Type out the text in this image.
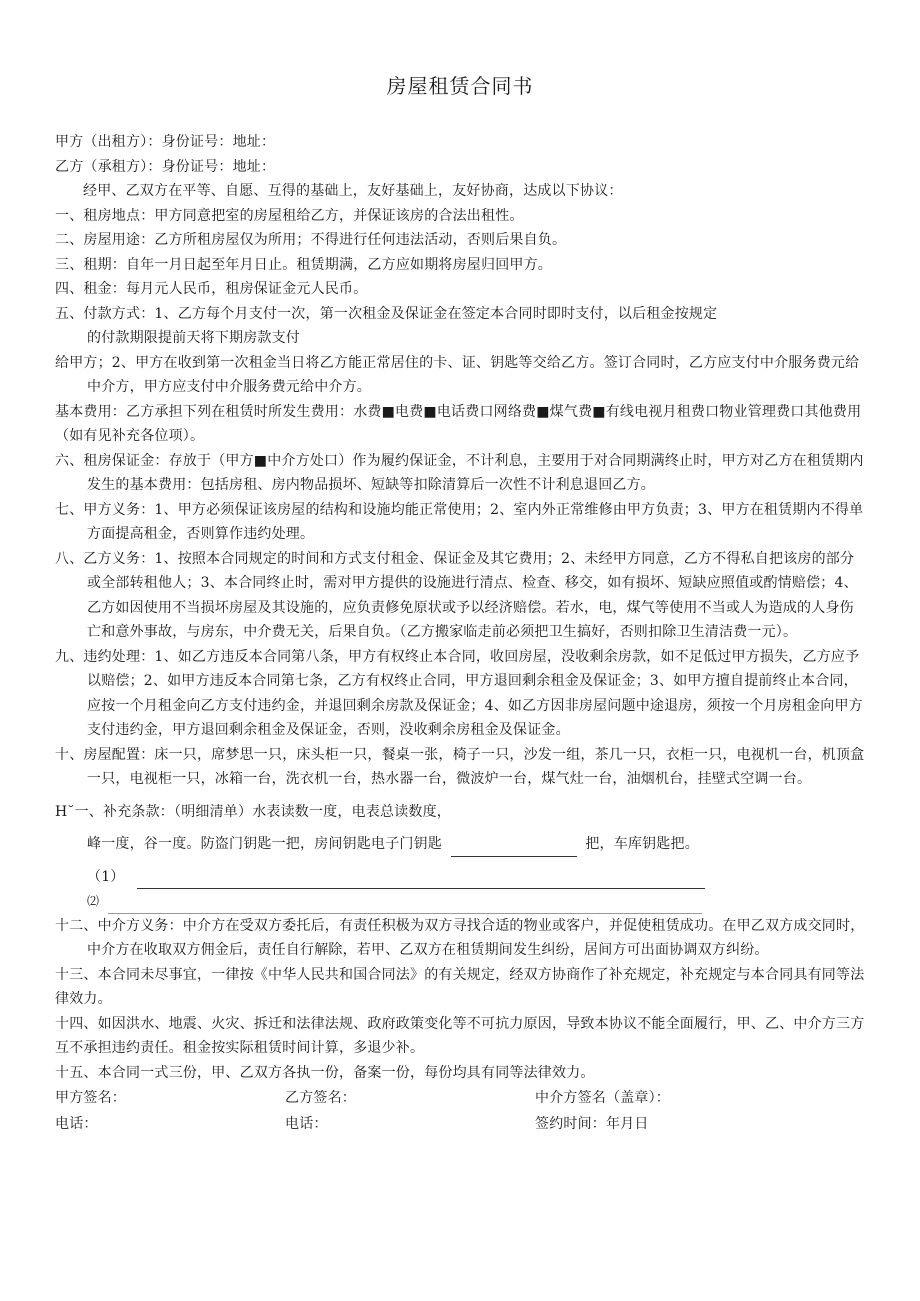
房屋租赁合同书
甲方（出租方）：身份证号：地址：
乙方（承租方）：身份证号：地址：
经甲、乙双方在平等、自愿、互得的基础上，友好基础上，友好协商，达成以下协议：
一、租房地点：甲方同意把室的房屋租给乙方，并保证该房的合法出租性。
二、房屋用途：乙方所租房屋仅为所用；不得进行任何违法活动，否则后果自负。
三、租期：自年一月日起至年月日止。租赁期满，乙方应如期将房屋归回甲方。
四、租金：每月元人民币，租房保证金元人民币。
五、付款方式：1、乙方每个月支付一次，第一次租金及保证金在签定本合同时即时支付，以后租金按规定
的付款期限提前天将下期房款支付

给甲方；2、甲方在收到第一次租金当日将乙方能正常居住的卡、证、钥匙等交给乙方。签订合同时，乙方应支付中介服务费元给中介方，甲方应支付中介服务费元给中介方。

基本费用：乙方承担下列在租赁时所发生费用：水费■电费■电话费口网络费■煤气费■有线电视月租费口物业管理费口其他费用（如有见补充各位项）。

六、租房保证金：存放于（甲方■中介方处口）作为履约保证金，不计利息，主要用于对合同期满终止时，甲方对乙方在租赁期内发生的基本费用：包括房租、房内物品损坏、短缺等扣除清算后一次性不计利息退回乙方。

七、甲方义务：1、甲方必须保证该房屋的结构和设施均能正常使用；2、室内外正常维修由甲方负责；3、甲方在租赁期内不得单方面提高租金，否则算作违约处理。

八、乙方义务：1、按照本合同规定的时间和方式支付租金、保证金及其它费用；2、未经甲方同意，乙方不得私自把该房的部分或全部转租他人；3、本合同终止时，需对甲方提供的设施进行清点、检查、移交，如有损坏、短缺应照值或酌情赔偿；4、乙方如因使用不当损坏房屋及其设施的，应负责修免原状或予以经济赔偿。若水，电，煤气等使用不当或人为造成的人身伤亡和意外事故，与房东，中介费无关，后果自负。（乙方搬家临走前必须把卫生搞好，否则扣除卫生清洁费一元）。

九、违约处理：1、如乙方违反本合同第八条，甲方有权终止本合同，收回房屋，没收剩余房款，如不足低过甲方损失，乙方应予以赔偿；2、如甲方违反本合同第七条，乙方有权终止合同，甲方退回剩余租金及保证金；3、如甲方擅自提前终止本合同，应按一个月租金向乙方支付违约金，并退回剩余房款及保证金；4、如乙方因非房屋问题中途退房，须按一个月房租金向甲方支付违约金，甲方退回剩余租金及保证金，否则，没收剩余房租金及保证金。

十、房屋配置：床一只，席梦思一只，床头柜一只，餐桌一张，椅子一只，沙发一组，茶几一只，衣柜一只，电视机一台，机顶盒一只，电视柜一只，冰箱一台，洗衣机一台，热水器一台，微波炉一台，煤气灶一台，油烟机台，挂壁式空调一台。

H˘一、补充条款：（明细清单）水表读数一度，电表总读数度，
峰一度，谷一度。防盗门钥匙一把，房间钥匙电子门钥匙	把，车库钥匙把。
（1）
⑵

十二、中介方义务：中介方在受双方委托后，有责任积极为双方寻找合适的物业或客户，并促使租赁成功。在甲乙双方成交同时，中介方在收取双方佣金后，责任自行解除，若甲、乙双方在租赁期间发生纠纷，居间方可出面协调双方纠纷。

十三、本合同未尽事宜，一律按《中华人民共和国合同法》的有关规定，经双方协商作了补充规定，补充规定与本合同具有同等法律效力。

十四、如因洪水、地震、火灾、拆迁和法律法规、政府政策变化等不可抗力原因，导致本协议不能全面履行，甲、乙、中介方三方互不承担违约责任。租金按实际租赁时间计算，多退少补。

十五、本合同一式三份，甲、乙双方各执一份，备案一份，每份均具有同等法律效力。
甲方签名：	乙方签名：	中介方签名（盖章）：
电话：	电话：	签约时间：年月日
